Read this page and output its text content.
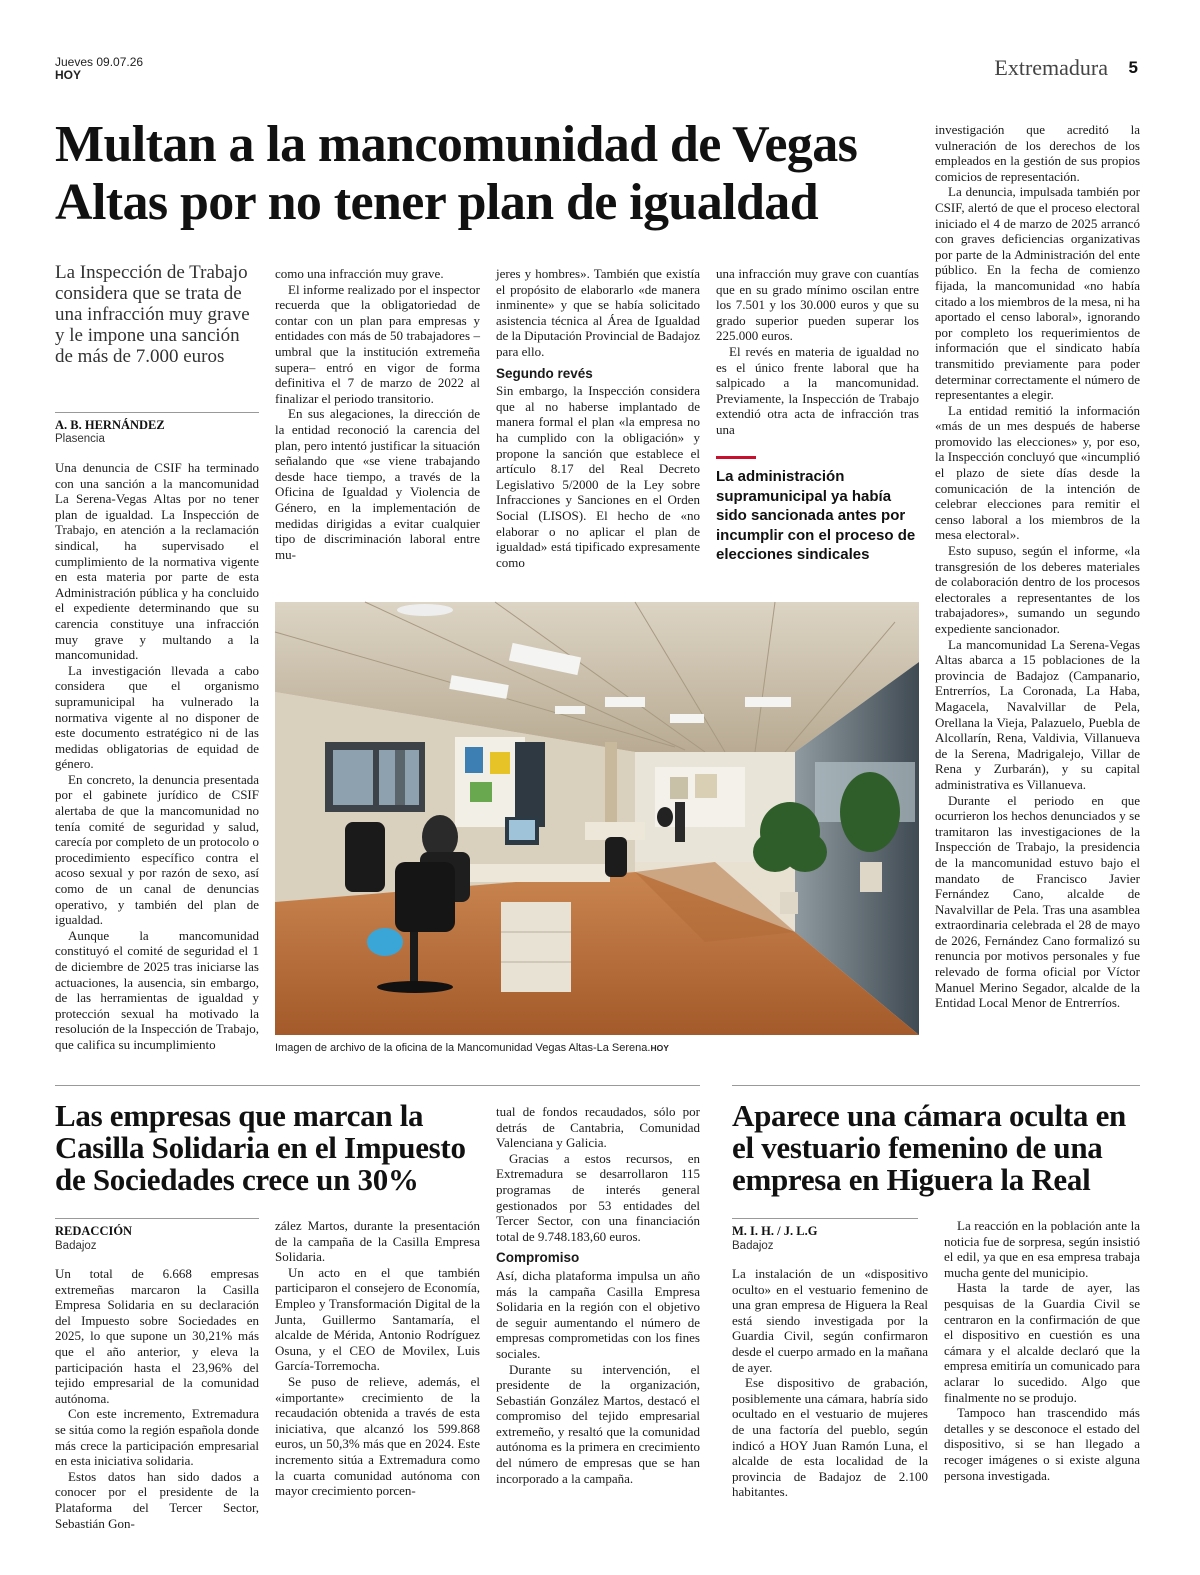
Jueves 09.07.26
HOY	Extremadura 5
Multan a la mancomunidad de Vegas Altas por no tener plan de igualdad
La Inspección de Trabajo considera que se trata de una infracción muy grave y le impone una sanción de más de 7.000 euros
A. B. HERNÁNDEZ
Plasencia

Una denuncia de CSIF ha terminado con una sanción a la mancomunidad La Serena-Vegas Altas por no tener plan de igualdad. La Inspección de Trabajo, en atención a la reclamación sindical, ha supervisado el cumplimiento de la normativa vigente en esta materia por parte de esta Administración pública y ha concluido el expediente determinando que su carencia constituye una infracción muy grave y multando a la mancomunidad.

La investigación llevada a cabo considera que el organismo supramunicipal ha vulnerado la normativa vigente al no disponer de este documento estratégico ni de las medidas obligatorias de equidad de género.

En concreto, la denuncia presentada por el gabinete jurídico de CSIF alertaba de que la mancomunidad no tenía comité de seguridad y salud, carecía por completo de un protocolo o procedimiento específico contra el acoso sexual y por razón de sexo, así como de un canal de denuncias operativo, y también del plan de igualdad.

Aunque la mancomunidad constituyó el comité de seguridad el 1 de diciembre de 2025 tras iniciarse las actuaciones, la ausencia, sin embargo, de las herramientas de igualdad y protección sexual ha motivado la resolución de la Inspección de Trabajo, que califica su incumplimiento

como una infracción muy grave.

El informe realizado por el inspector recuerda que la obligatoriedad de contar con un plan para empresas y entidades con más de 50 trabajadores –umbral que la institución extremeña supera– entró en vigor de forma definitiva el 7 de marzo de 2022 al finalizar el periodo transitorio.

En sus alegaciones, la dirección de la entidad reconoció la carencia del plan, pero intentó justificar la situación señalando que «se viene trabajando desde hace tiempo, a través de la Oficina de Igualdad y Violencia de Género, en la implementación de medidas dirigidas a evitar cualquier tipo de discriminación laboral entre mu-

jeres y hombres». También que existía el propósito de elaborarlo «de manera inminente» y que se había solicitado asistencia técnica al Área de Igualdad de la Diputación Provincial de Badajoz para ello.

Segundo revés

Sin embargo, la Inspección considera que al no haberse implantado de manera formal el plan «la empresa no ha cumplido con la obligación» y propone la sanción que establece el artículo 8.17 del Real Decreto Legislativo 5/2000 de la Ley sobre Infracciones y Sanciones en el Orden Social (LISOS). El hecho de «no elaborar o no aplicar el plan de igualdad» está tipificado expresamente como

una infracción muy grave con cuantías que en su grado mínimo oscilan entre los 7.501 y los 30.000 euros y que su grado superior pueden superar los 225.000 euros.

El revés en materia de igualdad no es el único frente laboral que ha salpicado a la mancomunidad. Previamente, la Inspección de Trabajo extendió otra acta de infracción tras una

La administración supramunicipal ya había sido sancionada antes por incumplir con el proceso de elecciones sindicales

investigación que acreditó la vulneración de los derechos de los empleados en la gestión de sus propios comicios de representación.

La denuncia, impulsada también por CSIF, alertó de que el proceso electoral iniciado el 4 de marzo de 2025 arrancó con graves deficiencias organizativas por parte de la Administración del ente público. En la fecha de comienzo fijada, la mancomunidad «no había citado a los miembros de la mesa, ni ha aportado el censo laboral», ignorando por completo los requerimientos de información que el sindicato había transmitido previamente para poder determinar correctamente el número de representantes a elegir.

La entidad remitió la información «más de un mes después de haberse promovido las elecciones» y, por eso, la Inspección concluyó que «incumplió el plazo de siete días desde la comunicación de la intención de celebrar elecciones para remitir el censo laboral a los miembros de la mesa electoral».

Esto supuso, según el informe, «la transgresión de los deberes materiales de colaboración dentro de los procesos electorales a representantes de los trabajadores», sumando un segundo expediente sancionador.

La mancomunidad La Serena-Vegas Altas abarca a 15 poblaciones de la provincia de Badajoz (Campanario, Entrerríos, La Coronada, La Haba, Magacela, Navalvillar de Pela, Orellana la Vieja, Palazuelo, Puebla de Alcollarín, Rena, Valdivia, Villanueva de la Serena, Madrigalejo, Villar de Rena y Zurbarán), y su capital administrativa es Villanueva.

Durante el periodo en que ocurrieron los hechos denunciados y se tramitaron las investigaciones de la Inspección de Trabajo, la presidencia de la mancomunidad estuvo bajo el mandato de Francisco Javier Fernández Cano, alcalde de Navalvillar de Pela. Tras una asamblea extraordinaria celebrada el 28 de mayo de 2026, Fernández Cano formalizó su renuncia por motivos personales y fue relevado de forma oficial por Víctor Manuel Merino Segador, alcalde de la Entidad Local Menor de Entrerríos.

Imagen de archivo de la oficina de la Mancomunidad Vegas Altas-La Serena.HOY
Las empresas que marcan la Casilla Solidaria en el Impuesto de Sociedades crece un 30%
REDACCIÓN
Badajoz

Un total de 6.668 empresas extremeñas marcaron la Casilla Empresa Solidaria en su declaración del Impuesto sobre Sociedades en 2025, lo que supone un 30,21% más que el año anterior, y eleva la participación hasta el 23,96% del tejido empresarial de la comunidad autónoma.

Con este incremento, Extremadura se sitúa como la región española donde más crece la participación empresarial en esta iniciativa solidaria.

Estos datos han sido dados a conocer por el presidente de la Plataforma del Tercer Sector, Sebastián Gon-

zález Martos, durante la presentación de la campaña de la Casilla Empresa Solidaria.

Un acto en el que también participaron el consejero de Economía, Empleo y Transformación Digital de la Junta, Guillermo Santamaría, el alcalde de Mérida, Antonio Rodríguez Osuna, y el CEO de Movilex, Luis García-Torremocha.

Se puso de relieve, además, el «importante» crecimiento de la recaudación obtenida a través de esta iniciativa, que alcanzó los 599.868 euros, un 50,3% más que en 2024. Este incremento sitúa a Extremadura como la cuarta comunidad autónoma con mayor crecimiento porcen-

tual de fondos recaudados, sólo por detrás de Cantabria, Comunidad Valenciana y Galicia.

Gracias a estos recursos, en Extremadura se desarrollaron 115 programas de interés general gestionados por 53 entidades del Tercer Sector, con una financiación total de 9.748.183,60 euros.

Compromiso

Así, dicha plataforma impulsa un año más la campaña Casilla Empresa Solidaria en la región con el objetivo de seguir aumentando el número de empresas comprometidas con los fines sociales.

Durante su intervención, el presidente de la organización, Sebastián González Martos, destacó el compromiso del tejido empresarial extremeño, y resaltó que la comunidad autónoma es la primera en crecimiento del número de empresas que se han incorporado a la campaña.

Aparece una cámara oculta en el vestuario femenino de una empresa en Higuera la Real
M. I. H. / J. L.G
Badajoz

La instalación de un «dispositivo oculto» en el vestuario femenino de una gran empresa de Higuera la Real está siendo investigada por la Guardia Civil, según confirmaron desde el cuerpo armado en la mañana de ayer.

Ese dispositivo de grabación, posiblemente una cámara, habría sido ocultado en el vestuario de mujeres de una factoría del pueblo, según indicó a HOY Juan Ramón Luna, el alcalde de esta localidad de la provincia de Badajoz de 2.100 habitantes.

La reacción en la población ante la noticia fue de sorpresa, según insistió el edil, ya que en esa empresa trabaja mucha gente del municipio.

Hasta la tarde de ayer, las pesquisas de la Guardia Civil se centraron en la confirmación de que el dispositivo en cuestión es una cámara y el alcalde declaró que la empresa emitiría un comunicado para aclarar lo sucedido. Algo que finalmente no se produjo.

Tampoco han trascendido más detalles y se desconoce el estado del dispositivo, si se han llegado a recoger imágenes o si existe alguna persona investigada.
